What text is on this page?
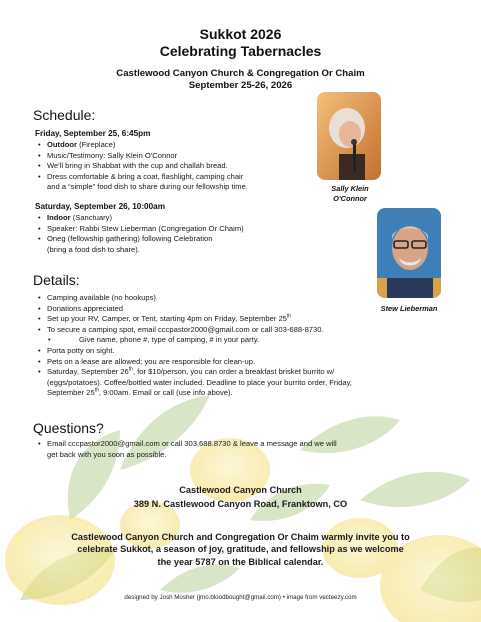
Sukkot 2026
Celebrating Tabernacles
Castlewood Canyon Church & Congregation Or Chaim
September 25-26, 2026
Schedule:
Friday, September 25, 6:45pm
• Outdoor (Fireplace)
• Music/Testimony: Sally Klein O'Connor
• We'll bring in Shabbat with the cup and challah bread.
• Dress comfortable & bring a coat, flashlight, camping chair
and a “simple” food dish to share during our fellowship time.
Saturday, September 26, 10:00am
• Indoor (Sanctuary)
• Speaker: Rabbi Stew Lieberman (Congregation Or Chaim)
• Oneg (fellowship gathering) following Celebration
(bring a food dish to share).
Sally Klein
O'Connor
Stew Lieberman
Details:
• Camping available (no hookups)
• Donations appreciated
• Set up your RV, Camper, or Tent, starting 4pm on Friday, September 25th
• To secure a camping spot, email cccpastor2000@gmail.com or call 303-688-8730.
• Give name, phone #, type of camping, # in your party.
• Porta potty on sight.
• Pets on a lease are allowed; you are responsible for clean-up.
• Saturday, September 26th, for $10/person, you can order a breakfast brisket burrito w/
(eggs/potatoes). Coffee/bottled water included. Deadline to place your burrito order, Friday,
September 25th, 9:00am. Email or call (use info above).
Questions?
• Email cccpastor2000@gmail.com or call 303.688.8730 & leave a message and we will
get back with you soon as possible.
Castlewood Canyon Church
389 N. Castlewood Canyon Road, Franktown, CO
Castlewood Canyon Church and Congregation Or Chaim warmly invite you to
celebrate Sukkot, a season of joy, gratitude, and fellowship as we welcome
the year 5787 on the Biblical calendar.
designed by Josh Mosher (jmo.bloodbought@gmail.com) • image from vecteezy.com
